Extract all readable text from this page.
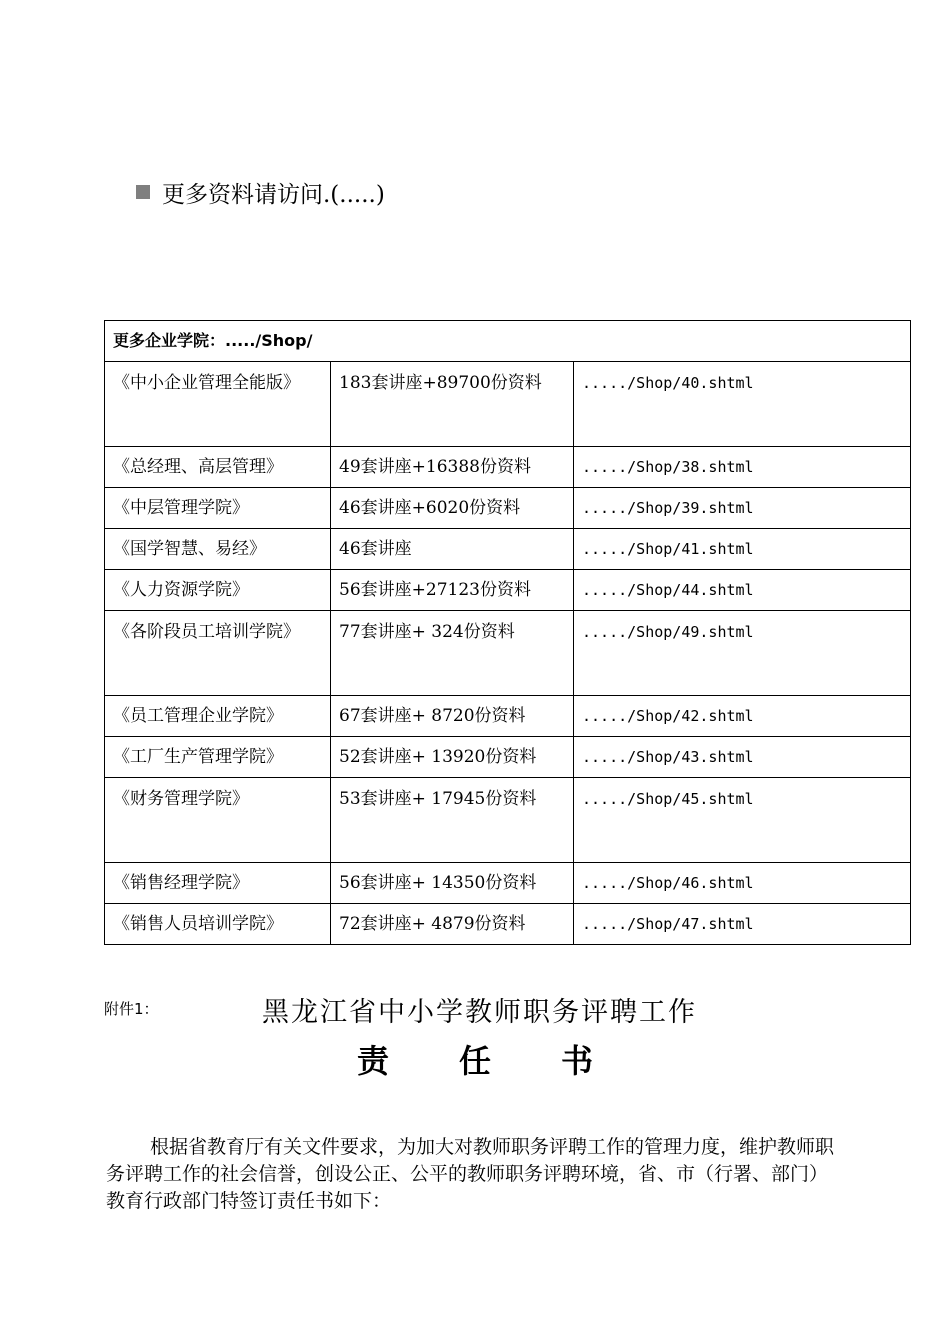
更多资料请访问.(.....)
更多企业学院：...../Shop/		
《中小企业管理全能版》	183套讲座+89700份资料	...../Shop/40.shtml
《总经理、高层管理》	49套讲座+16388份资料	...../Shop/38.shtml
《中层管理学院》	46套讲座+6020份资料	...../Shop/39.shtml
《国学智慧、易经》	46套讲座	...../Shop/41.shtml
《人力资源学院》	56套讲座+27123份资料	...../Shop/44.shtml
《各阶段员工培训学院》	77套讲座+ 324份资料	...../Shop/49.shtml
《员工管理企业学院》	67套讲座+ 8720份资料	...../Shop/42.shtml
《工厂生产管理学院》	52套讲座+ 13920份资料	...../Shop/43.shtml
《财务管理学院》	53套讲座+ 17945份资料	...../Shop/45.shtml
《销售经理学院》	56套讲座+ 14350份资料	...../Shop/46.shtml
《销售人员培训学院》	72套讲座+ 4879份资料	...../Shop/47.shtml
附件1：	黑龙江省中小学教师职务评聘工作
责 任 书
根据省教育厅有关文件要求，为加大对教师职务评聘工作的管理力度，维护教师职务评聘工作的社会信誉，创设公正、公平的教师职务评聘环境，省、市（行署、部门）教育行政部门特签订责任书如下：
